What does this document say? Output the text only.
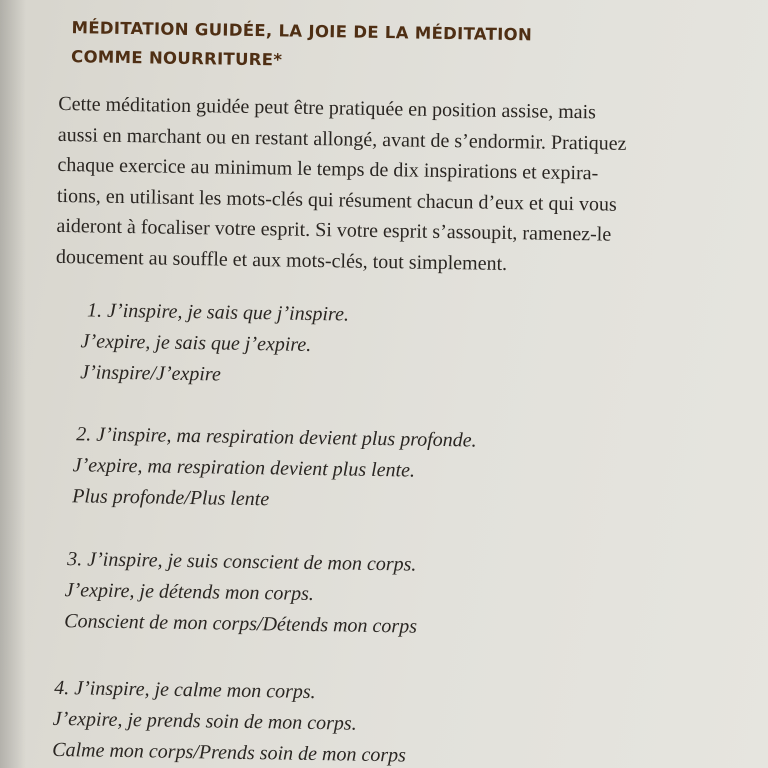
MÉDITATION GUIDÉE, LA JOIE DE LA MÉDITATION
COMME NOURRITURE*
Cette méditation guidée peut être pratiquée en position assise, mais
aussi en marchant ou en restant allongé, avant de s’endormir. Pratiquez
chaque exercice au minimum le temps de dix inspirations et expira-
tions, en utilisant les mots-clés qui résument chacun d’eux et qui vous
aideront à focaliser votre esprit. Si votre esprit s’assoupit, ramenez-le
doucement au souffle et aux mots-clés, tout simplement.
1. J’inspire, je sais que j’inspire.
J’expire, je sais que j’expire.
J’inspire/J’expire
2. J’inspire, ma respiration devient plus profonde.
J’expire, ma respiration devient plus lente.
Plus profonde/Plus lente
3. J’inspire, je suis conscient de mon corps.
J’expire, je détends mon corps.
Conscient de mon corps/Détends mon corps
4. J’inspire, je calme mon corps.
J’expire, je prends soin de mon corps.
Calme mon corps/Prends soin de mon corps
